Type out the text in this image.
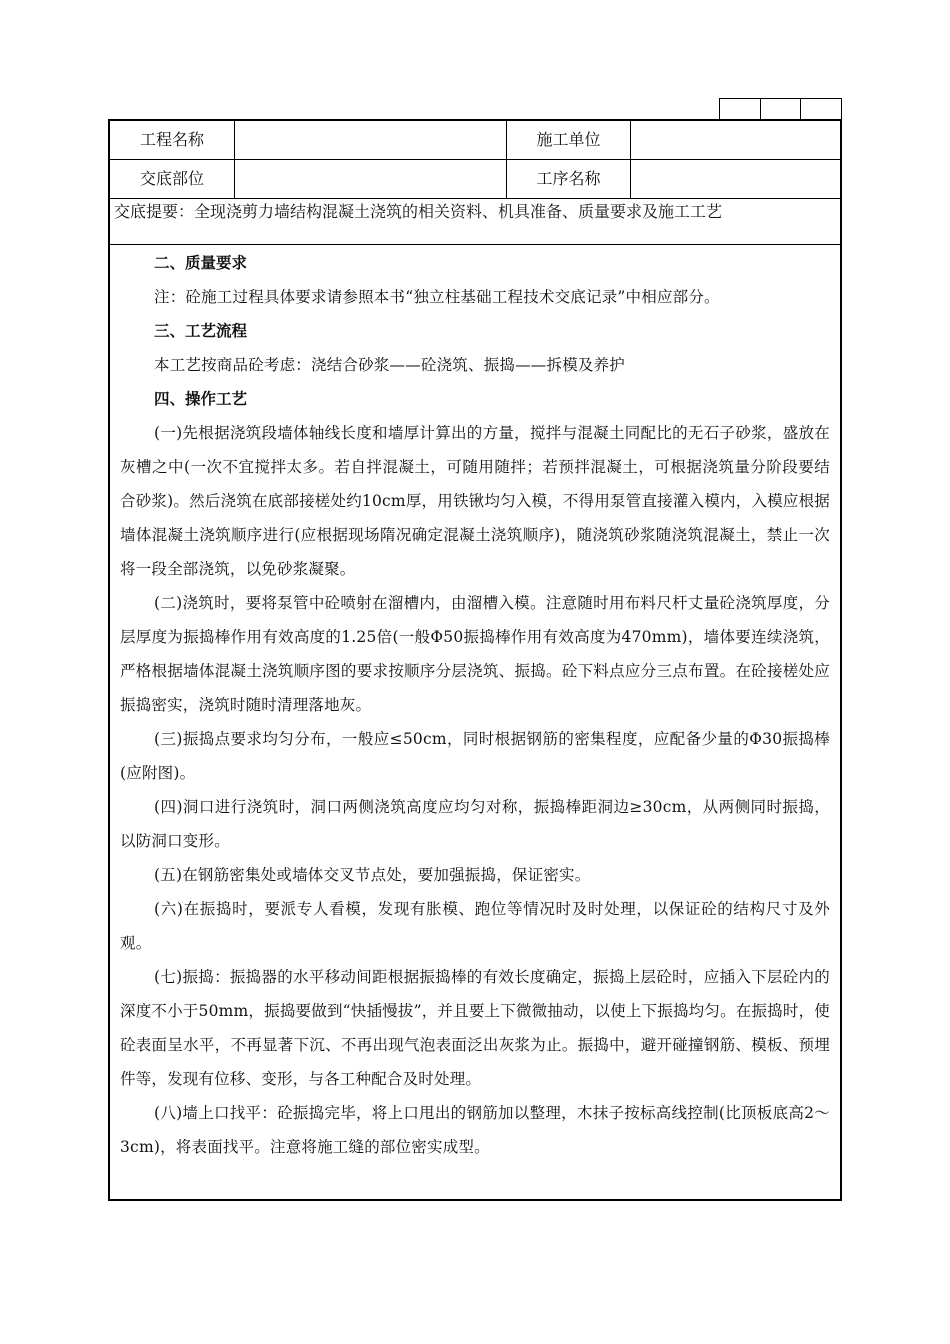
工程名称	施工单位
交底部位	工序名称
交底提要：全现浇剪力墙结构混凝土浇筑的相关资料、机具准备、质量要求及施工工艺
二、质量要求
注：砼施工过程具体要求请参照本书“独立柱基础工程技术交底记录”中相应部分。
三、工艺流程
本工艺按商品砼考虑：浇结合砂浆——砼浇筑、振捣——拆模及养护
四、操作工艺
(一)先根据浇筑段墙体轴线长度和墙厚计算出的方量，搅拌与混凝土同配比的无石子砂浆，盛放在灰槽之中(一次不宜搅拌太多。若自拌混凝土，可随用随拌；若预拌混凝土，可根据浇筑量分阶段要结合砂浆)。然后浇筑在底部接槎处约10cm厚，用铁锹均匀入模，不得用泵管直接灌入模内，入模应根据墙体混凝土浇筑顺序进行(应根据现场隋况确定混凝土浇筑顺序)，随浇筑砂浆随浇筑混凝土，禁止一次将一段全部浇筑，以免砂浆凝聚。
(二)浇筑时，要将泵管中砼喷射在溜槽内，由溜槽入模。注意随时用布料尺杆丈量砼浇筑厚度，分层厚度为振捣棒作用有效高度的1.25倍(一般Φ50振捣棒作用有效高度为470mm)，墙体要连续浇筑，严格根据墙体混凝土浇筑顺序图的要求按顺序分层浇筑、振捣。砼下料点应分三点布置。在砼接槎处应振捣密实，浇筑时随时清理落地灰。
(三)振捣点要求均匀分布，一般应≤50cm，同时根据钢筋的密集程度，应配备少量的Φ30振捣棒(应附图)。
(四)洞口进行浇筑时，洞口两侧浇筑高度应均匀对称，振捣棒距洞边≥30cm，从两侧同时振捣，以防洞口变形。
(五)在钢筋密集处或墙体交叉节点处，要加强振捣，保证密实。
(六)在振捣时，要派专人看模，发现有胀模、跑位等情况时及时处理，以保证砼的结构尺寸及外观。
(七)振捣：振捣器的水平移动间距根据振捣棒的有效长度确定，振捣上层砼时，应插入下层砼内的深度不小于50mm，振捣要做到“快插慢拔”，并且要上下微微抽动，以使上下振捣均匀。在振捣时，使砼表面呈水平，不再显著下沉、不再出现气泡表面泛出灰浆为止。振捣中，避开碰撞钢筋、模板、预埋件等，发现有位移、变形，与各工种配合及时处理。
(八)墙上口找平：砼振捣完毕，将上口甩出的钢筋加以整理，木抹子按标高线控制(比顶板底高2～3cm)，将表面找平。注意将施工缝的部位密实成型。
